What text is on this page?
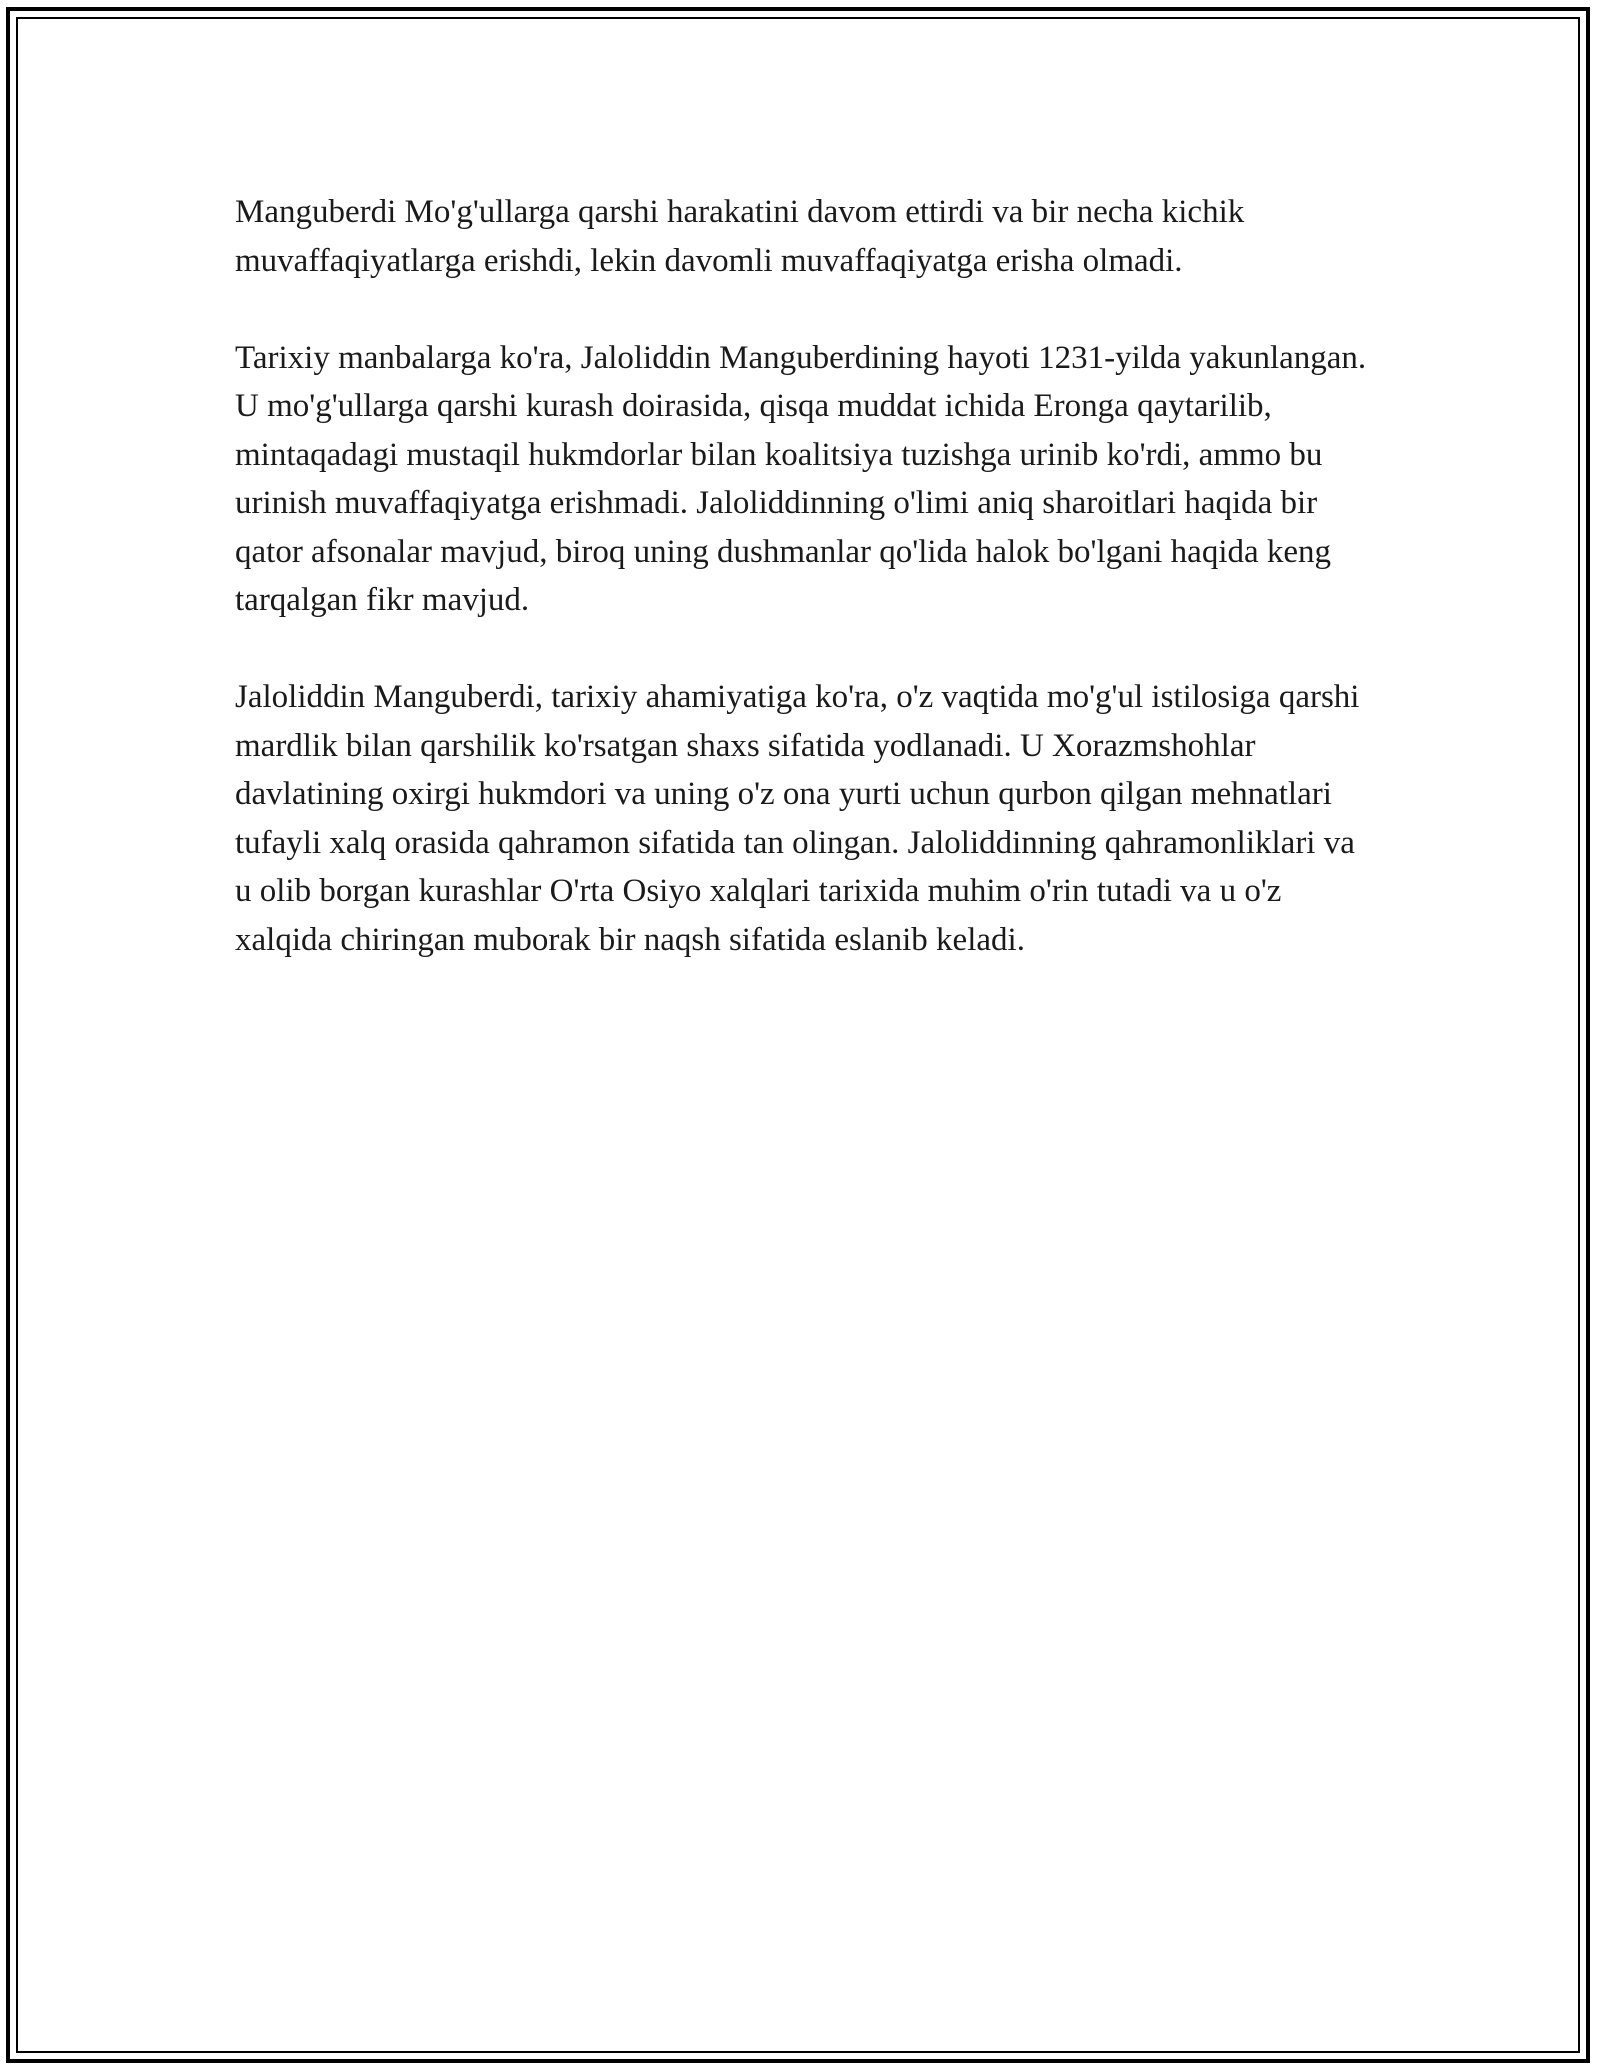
Manguberdi Mo'g'ullarga qarshi harakatini davom ettirdi va bir necha kichik muvaffaqiyatlarga erishdi, lekin davomli muvaffaqiyatga erisha olmadi.

Tarixiy manbalarga ko'ra, Jaloliddin Manguberdining hayoti 1231-yilda yakunlangan. U mo'g'ullarga qarshi kurash doirasida, qisqa muddat ichida Eronga qaytarilib, mintaqadagi mustaqil hukmdorlar bilan koalitsiya tuzishga urinib ko'rdi, ammo bu urinish muvaffaqiyatga erishmadi. Jaloliddinning o'limi aniq sharoitlari haqida bir qator afsonalar mavjud, biroq uning dushmanlar qo'lida halok bo'lgani haqida keng tarqalgan fikr mavjud.

Jaloliddin Manguberdi, tarixiy ahamiyatiga ko'ra, o'z vaqtida mo'g'ul istilosiga qarshi mardlik bilan qarshilik ko'rsatgan shaxs sifatida yodlanadi. U Xorazmshohlar davlatining oxirgi hukmdori va uning o'z ona yurti uchun qurbon qilgan mehnatlari tufayli xalq orasida qahramon sifatida tan olingan. Jaloliddinning qahramonliklari va u olib borgan kurashlar O'rta Osiyo xalqlari tarixida muhim o'rin tutadi va u o'z xalqida chiringan muborak bir naqsh sifatida eslanib keladi.
